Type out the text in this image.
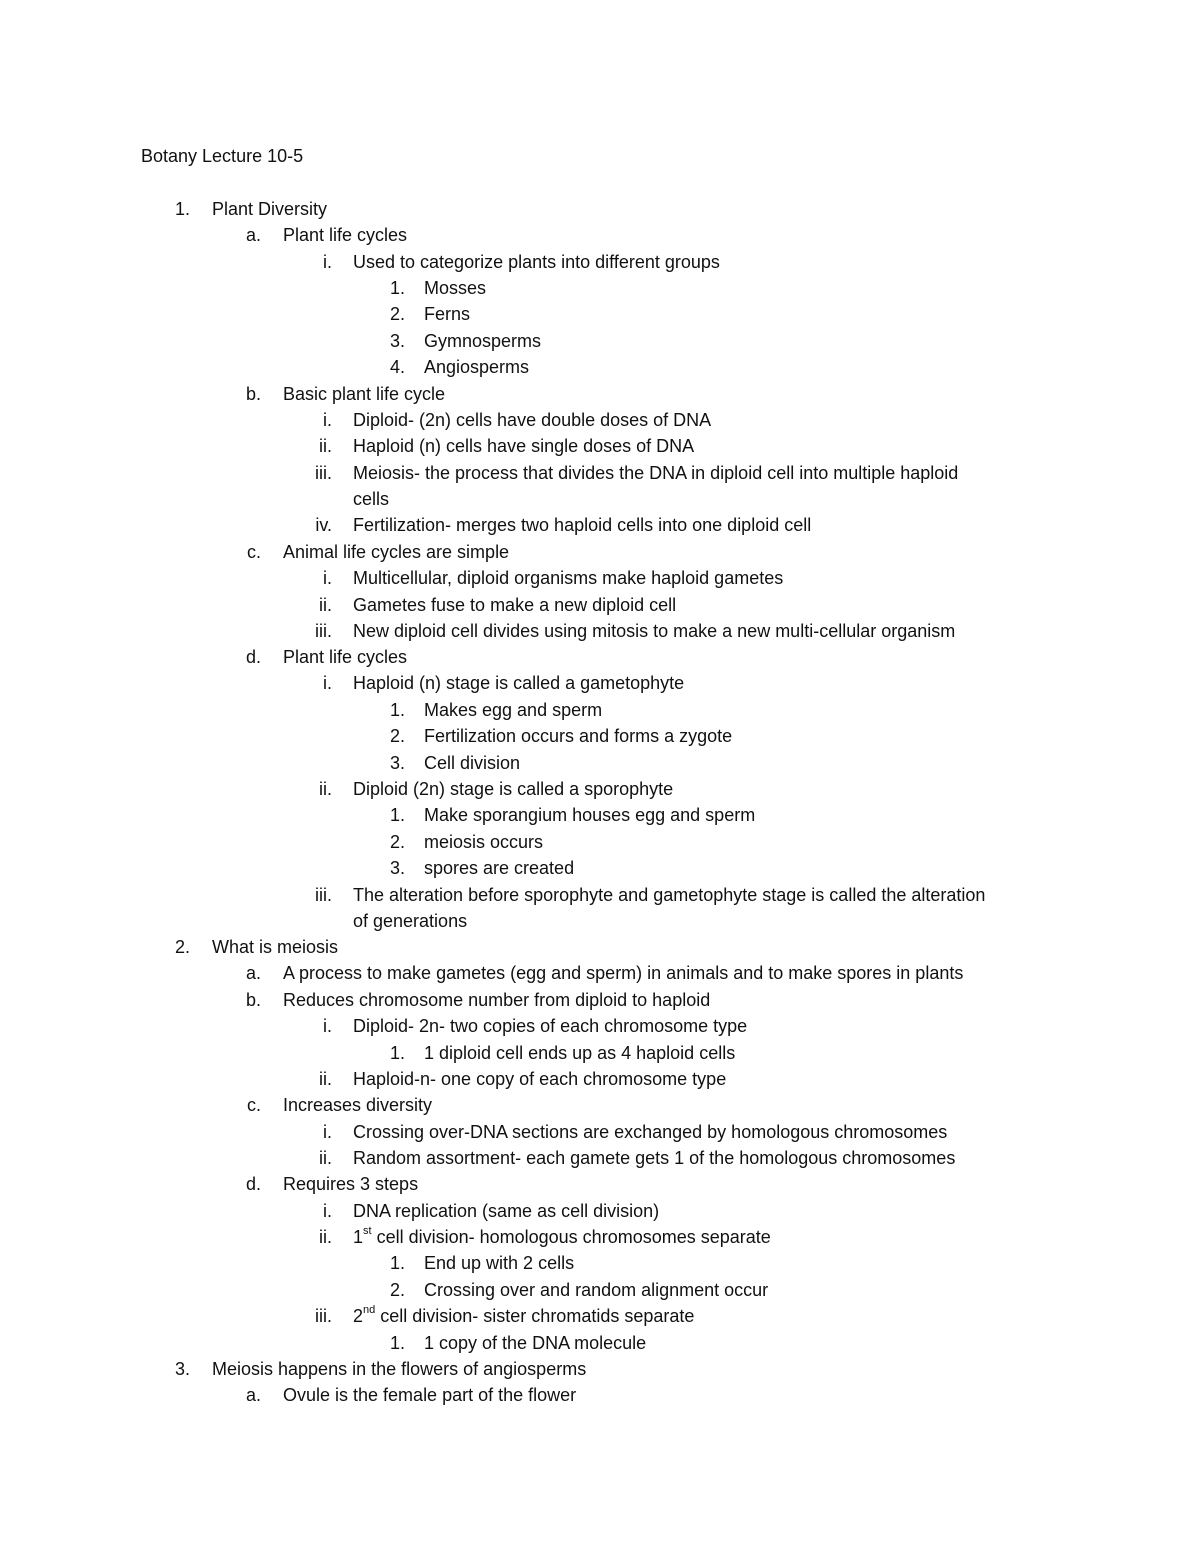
Botany Lecture 10-5
1. Plant Diversity
a. Plant life cycles
i. Used to categorize plants into different groups
1. Mosses
2. Ferns
3. Gymnosperms
4. Angiosperms
b. Basic plant life cycle
i. Diploid- (2n) cells have double doses of DNA
ii. Haploid (n) cells have single doses of DNA
iii. Meiosis- the process that divides the DNA in diploid cell into multiple haploid
cells
iv. Fertilization- merges two haploid cells into one diploid cell
c. Animal life cycles are simple
i. Multicellular, diploid organisms make haploid gametes
ii. Gametes fuse to make a new diploid cell
iii. New diploid cell divides using mitosis to make a new multi-cellular organism
d. Plant life cycles
i. Haploid (n) stage is called a gametophyte
1. Makes egg and sperm
2. Fertilization occurs and forms a zygote
3. Cell division
ii. Diploid (2n) stage is called a sporophyte
1. Make sporangium houses egg and sperm
2. meiosis occurs
3. spores are created
iii. The alteration before sporophyte and gametophyte stage is called the alteration
of generations
2. What is meiosis
a. A process to make gametes (egg and sperm) in animals and to make spores in plants
b. Reduces chromosome number from diploid to haploid
i. Diploid- 2n- two copies of each chromosome type
1. 1 diploid cell ends up as 4 haploid cells
ii. Haploid-n- one copy of each chromosome type
c. Increases diversity
i. Crossing over-DNA sections are exchanged by homologous chromosomes
ii. Random assortment- each gamete gets 1 of the homologous chromosomes
d. Requires 3 steps
i. DNA replication (same as cell division)
ii. 1st cell division- homologous chromosomes separate
1. End up with 2 cells
2. Crossing over and random alignment occur
iii. 2nd cell division- sister chromatids separate
1. 1 copy of the DNA molecule
3. Meiosis happens in the flowers of angiosperms
a. Ovule is the female part of the flower
